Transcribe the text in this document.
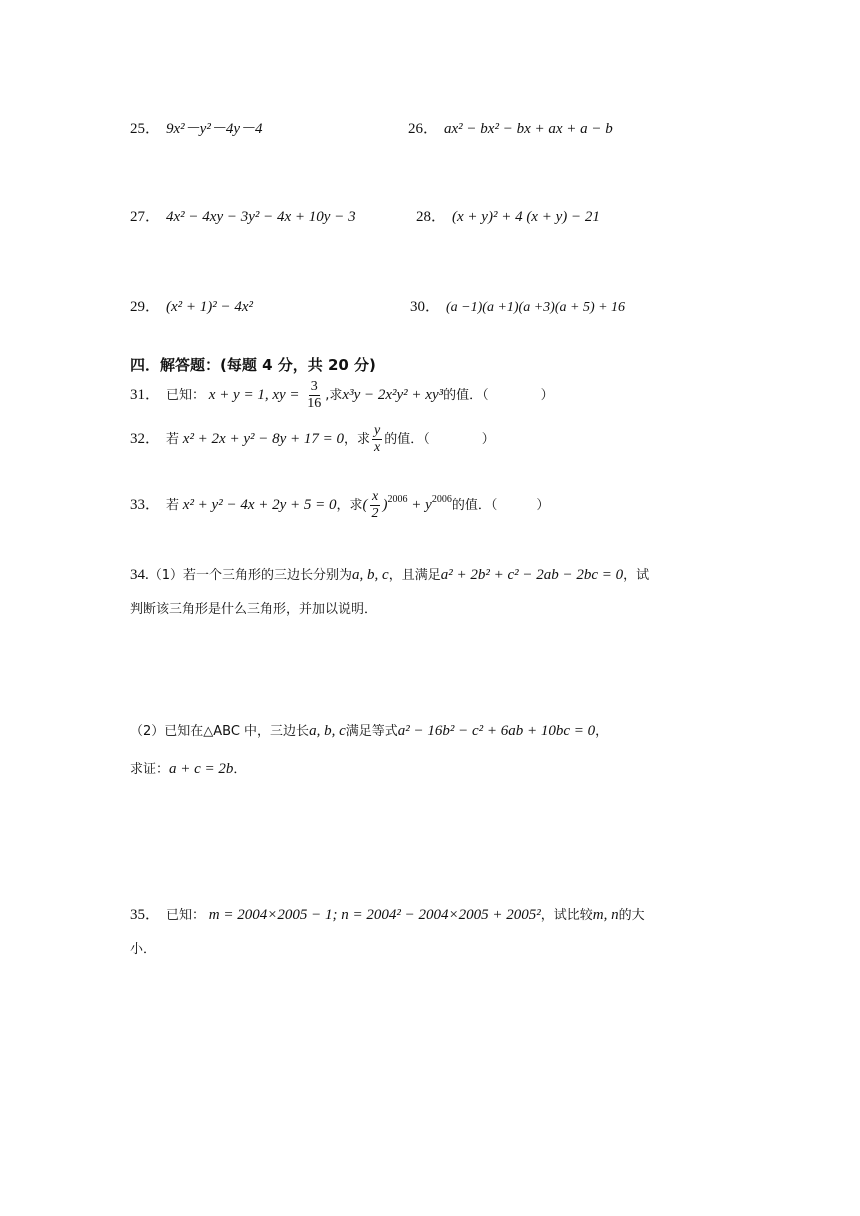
25． 9x²－y²－4y－4	26． ax² − bx² − bx + ax + a − b
27． 4x² − 4xy − 3y² − 4x + 10y − 3	28． (x + y)² + 4 (x + y) − 21
29． (x² + 1)² − 4x²	30． (a −1)(a +1)(a +3)(a + 5) + 16
四．解答题：(每题 4 分，共 20 分)
31． 已知： x + y = 1, xy = $\frac{3}{16}$ ,求x³y − 2x²y² + xy³的值．（　　　　）
32． 若 x² + 2x + y² − 8y + 17 = 0，求 $\frac{y}{x}$ 的值．（　　　　）
33． 若 x² + y² − 4x + 2y + 5 = 0，求( $\frac{x}{2} )^{2006} + y^{2006}$的值．（　　　）
34.（1）若一个三角形的三边长分别为a, b, c，且满足a² + 2b² + c² − 2ab − 2bc = 0，试
判断该三角形是什么三角形，并加以说明．
（2）已知在△ABC 中，三边长a, b, c满足等式a² − 16b² − c² + 6ab + 10bc = 0，
求证：a + c = 2b．
35． 已知： m = 2004×2005 − 1; n = 2004² − 2004×2005 + 2005²，试比较m, n的大
小．
